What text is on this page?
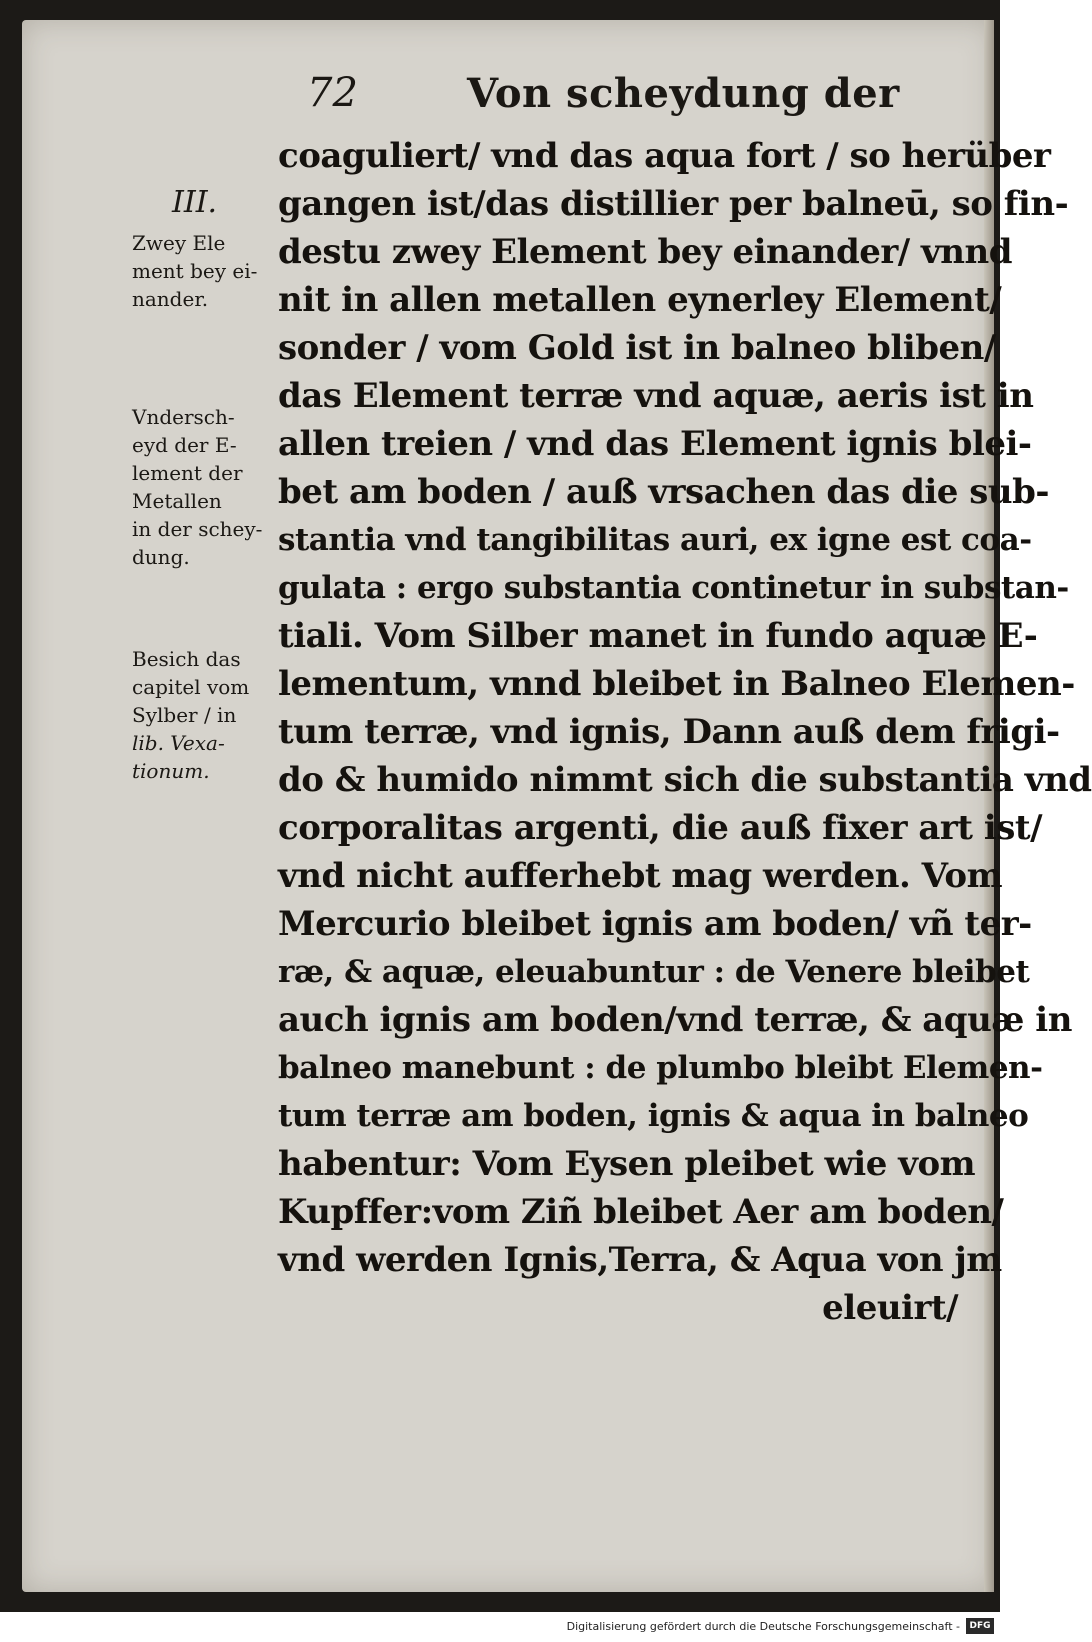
72	Von scheydung der
III.
Zwey Ele
ment bey ei-
nander.
Vndersch-
eyd der E-
lement der
Metallen
in der schey-
dung.
Besich das
capitel vom
Sylber / in
lib. Vexa-
tionum.
coaguliert/ vnd das aqua fort / so herüber
gangen ist/das distillier per balneū, so fin-
destu zwey Element bey einander/ vnnd
nit in allen metallen eynerley Element/
sonder / vom Gold ist in balneo bliben/
das Element terræ vnd aquæ, aeris ist in
allen treien / vnd das Element ignis blei-
bet am boden / auß vrsachen das die sub-
stantia vnd tangibilitas auri, ex igne est coa-
gulata : ergo substantia continetur in substan-
tiali. Vom Silber manet in fundo aquæ E-
lementum, vnnd bleibet in Balneo Elemen-
tum terræ, vnd ignis, Dann auß dem frigi-
do & humido nimmt sich die substantia vnd
corporalitas argenti, die auß fixer art ist/
vnd nicht aufferhebt mag werden. Vom
Mercurio bleibet ignis am boden/ vñ ter-
ræ, & aquæ, eleuabuntur : de Venere bleibet
auch ignis am boden/vnd terræ, & aquæ in
balneo manebunt : de plumbo bleibt Elemen-
tum terræ am boden, ignis & aqua in balneo
habentur: Vom Eysen pleibet wie vom
Kupffer:vom Ziñ bleibet Aer am boden/
vnd werden Ignis,Terra, & Aqua von jm
eleuirt/
Digitalisierung gefördert durch die Deutsche Forschungsgemeinschaft -	DFG
